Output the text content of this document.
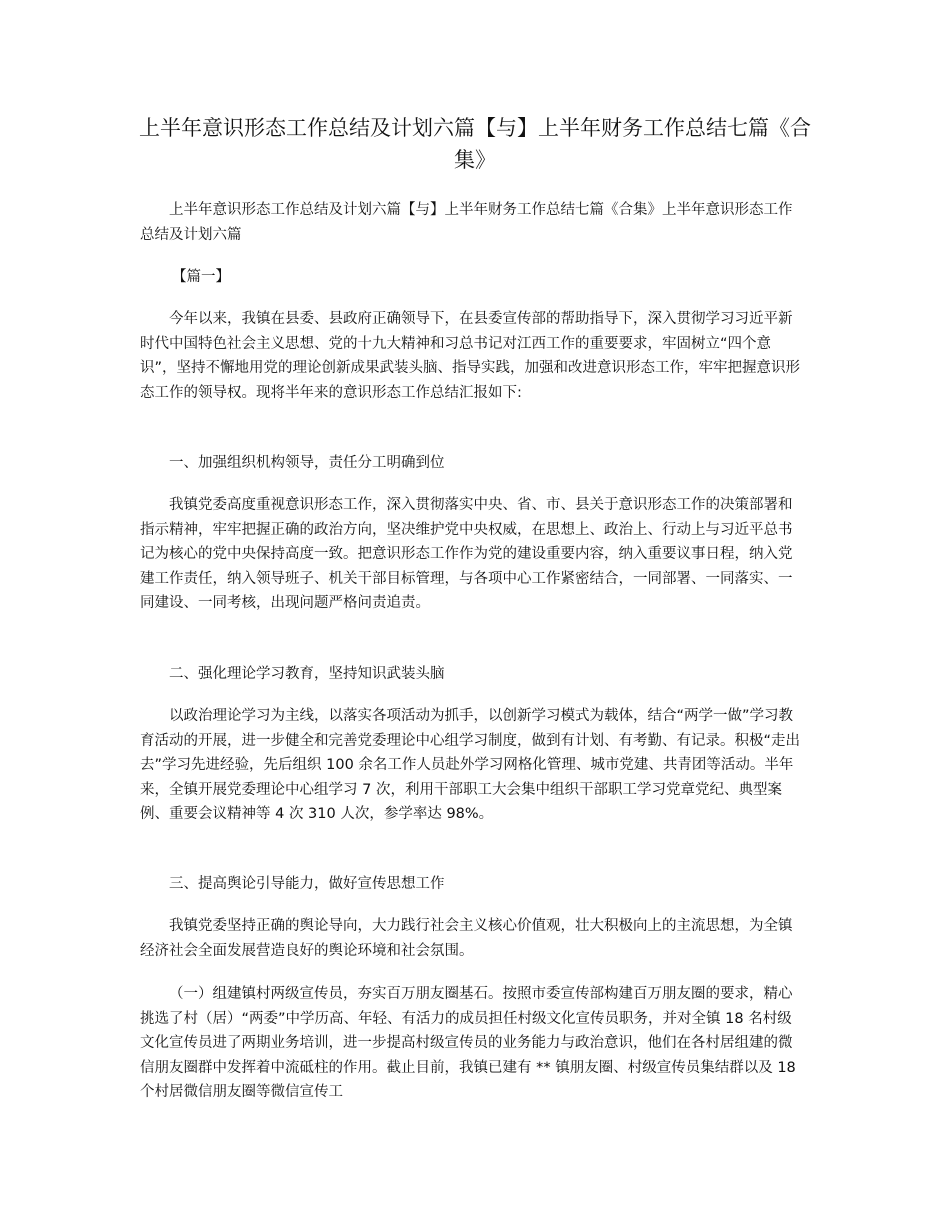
上半年意识形态工作总结及计划六篇【与】上半年财务工作总结七篇《合集》

上半年意识形态工作总结及计划六篇【与】上半年财务工作总结七篇《合集》上半年意识形态工作总结及计划六篇

【篇一】

今年以来，我镇在县委、县政府正确领导下，在县委宣传部的帮助指导下，深入贯彻学习习近平新时代中国特色社会主义思想、党的十九大精神和习总书记对江西工作的重要要求，牢固树立“四个意识”，坚持不懈地用党的理论创新成果武装头脑、指导实践，加强和改进意识形态工作，牢牢把握意识形态工作的领导权。现将半年来的意识形态工作总结汇报如下:

一、加强组织机构领导，责任分工明确到位

我镇党委高度重视意识形态工作，深入贯彻落实中央、省、市、县关于意识形态工作的决策部署和指示精神，牢牢把握正确的政治方向，坚决维护党中央权威，在思想上、政治上、行动上与习近平总书记为核心的党中央保持高度一致。把意识形态工作作为党的建设重要内容，纳入重要议事日程，纳入党建工作责任，纳入领导班子、机关干部目标管理，与各项中心工作紧密结合，一同部署、一同落实、一同建设、一同考核，出现问题严格问责追责。

二、强化理论学习教育，坚持知识武装头脑

以政治理论学习为主线，以落实各项活动为抓手，以创新学习模式为载体，结合“两学一做”学习教育活动的开展，进一步健全和完善党委理论中心组学习制度，做到有计划、有考勤、有记录。积极“走出去”学习先进经验，先后组织 100 余名工作人员赴外学习网格化管理、城市党建、共青团等活动。半年来，全镇开展党委理论中心组学习 7 次，利用干部职工大会集中组织干部职工学习党章党纪、典型案例、重要会议精神等 4 次 310 人次，参学率达 98%。

三、提高舆论引导能力，做好宣传思想工作

我镇党委坚持正确的舆论导向，大力践行社会主义核心价值观，壮大积极向上的主流思想，为全镇经济社会全面发展营造良好的舆论环境和社会氛围。

（一）组建镇村两级宣传员，夯实百万朋友圈基石。按照市委宣传部构建百万朋友圈的要求，精心挑选了村（居）“两委”中学历高、年轻、有活力的成员担任村级文化宣传员职务，并对全镇 18 名村级文化宣传员进了两期业务培训，进一步提高村级宣传员的业务能力与政治意识，他们在各村居组建的微信朋友圈群中发挥着中流砥柱的作用。截止目前，我镇已建有 ** 镇朋友圈、村级宣传员集结群以及 18 个村居微信朋友圈等微信宣传工
